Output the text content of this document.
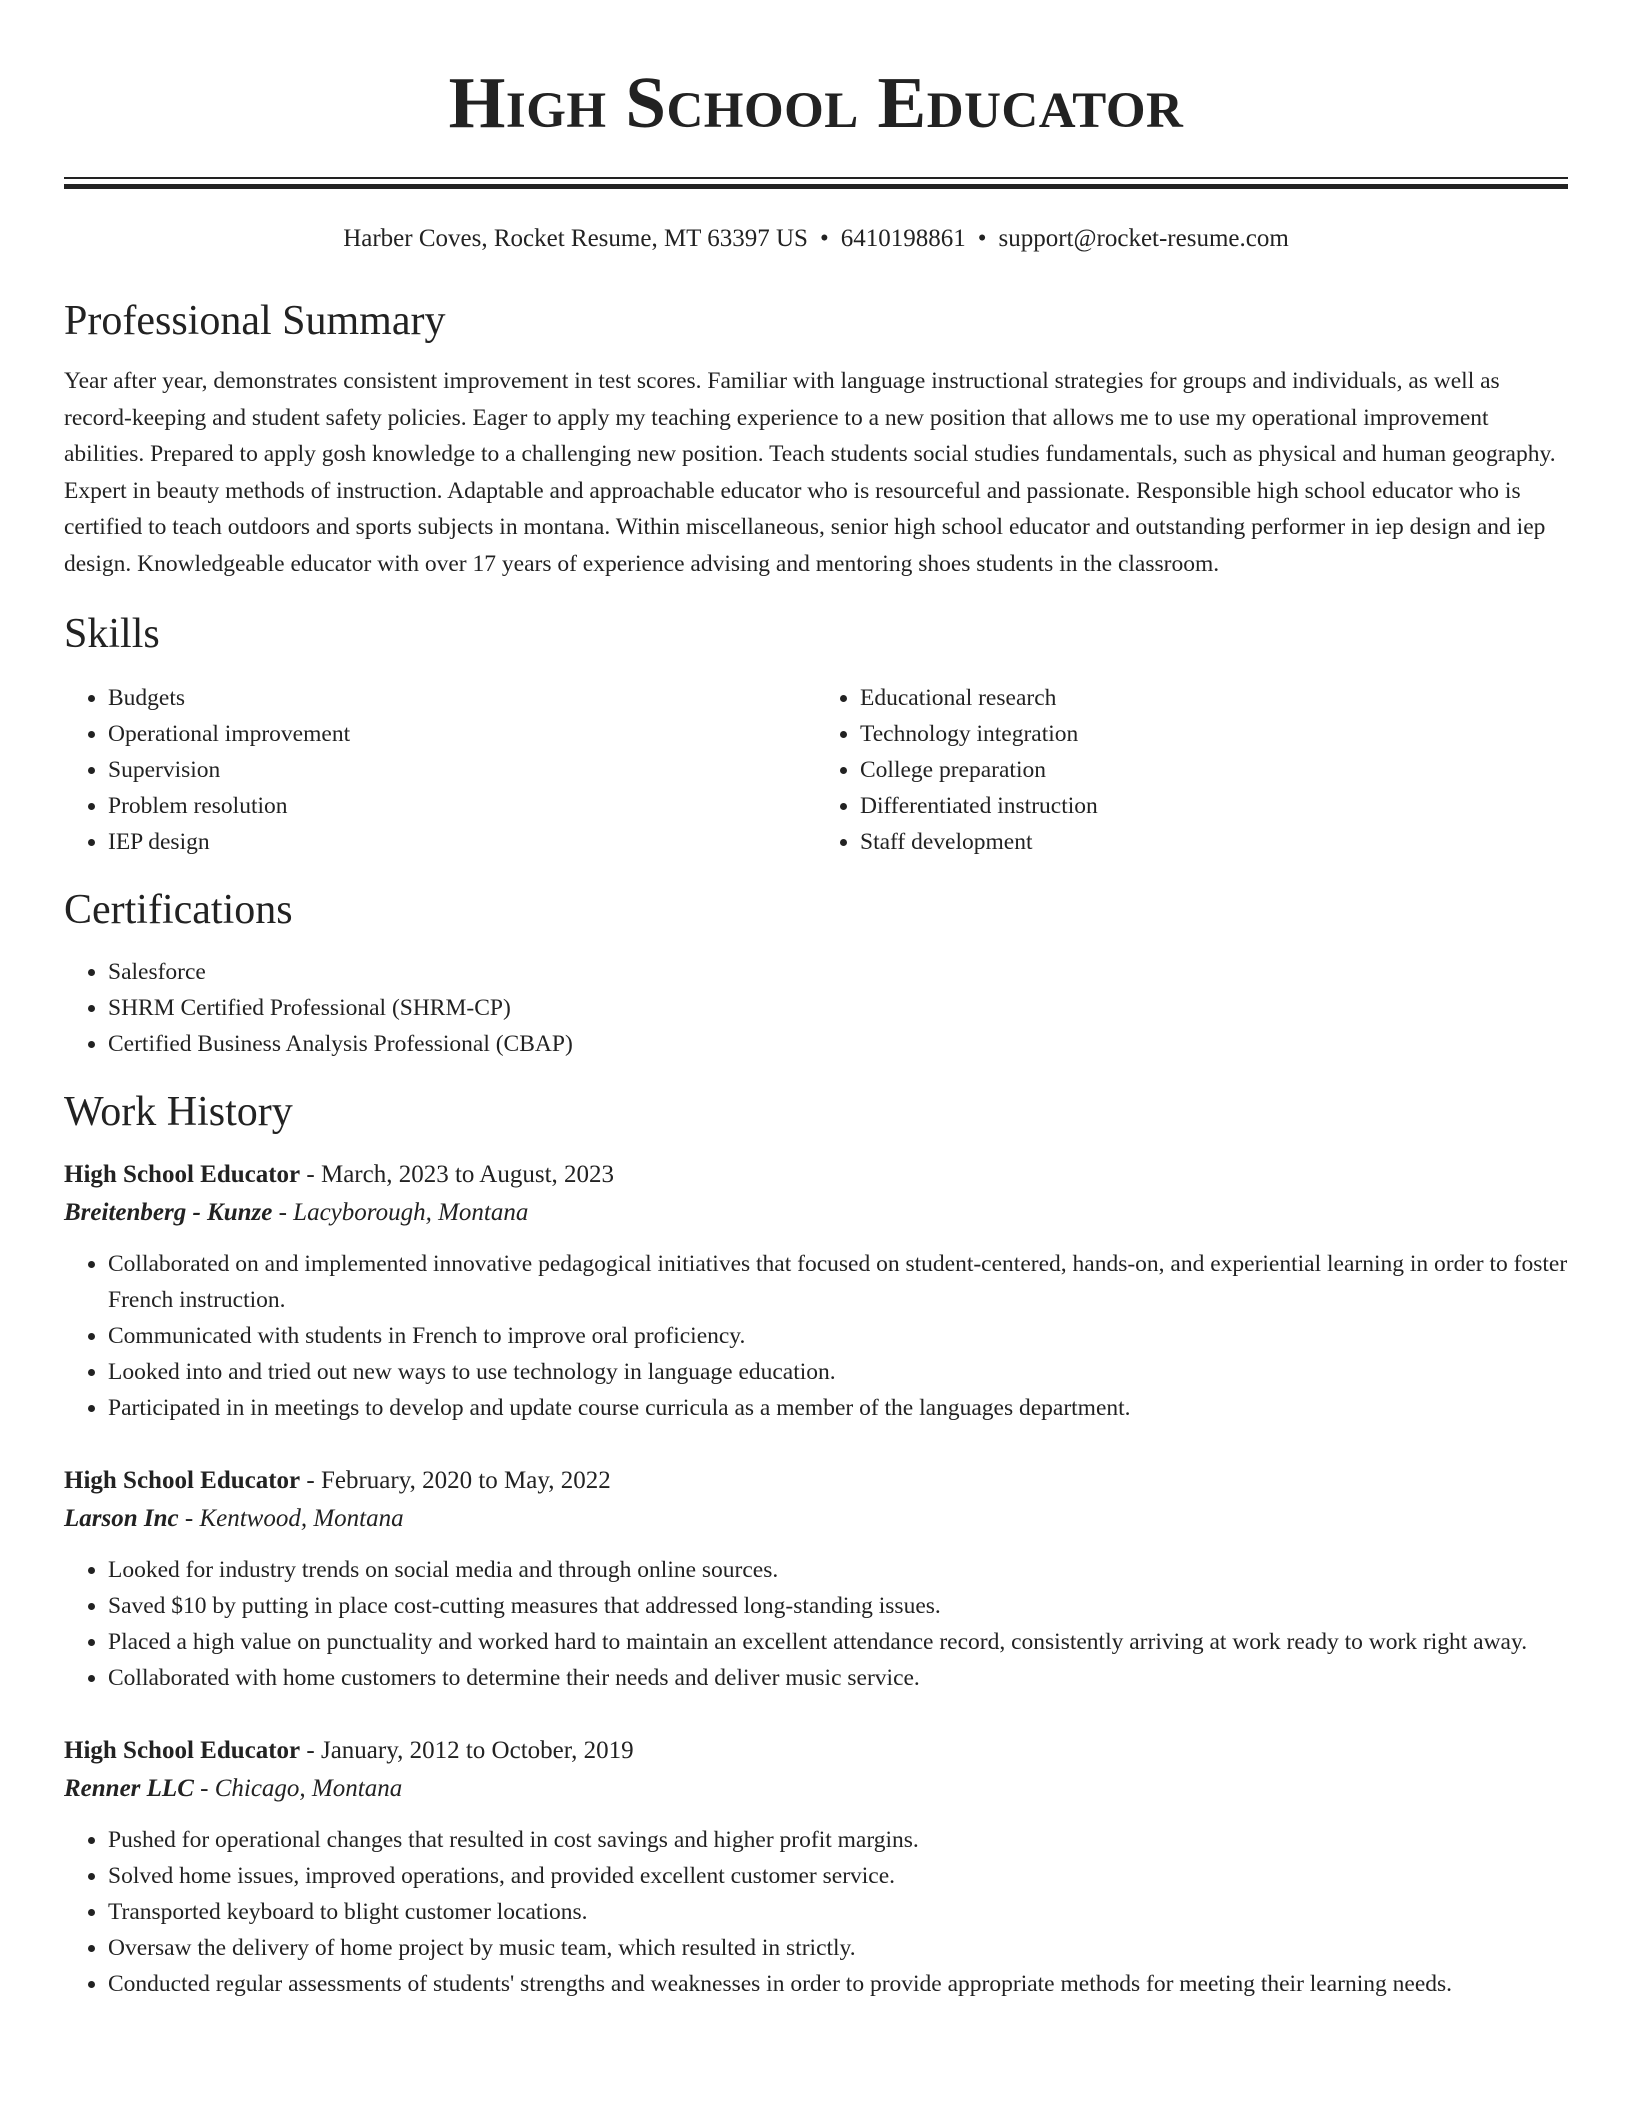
High School Educator
Harber Coves, Rocket Resume, MT 63397 US • 6410198861 • support@rocket-resume.com
Professional Summary

Year after year, demonstrates consistent improvement in test scores. Familiar with language instructional strategies for groups and individuals, as well as record-keeping and student safety policies. Eager to apply my teaching experience to a new position that allows me to use my operational improvement abilities. Prepared to apply gosh knowledge to a challenging new position. Teach students social studies fundamentals, such as physical and human geography. Expert in beauty methods of instruction. Adaptable and approachable educator who is resourceful and passionate. Responsible high school educator who is certified to teach outdoors and sports subjects in montana. Within miscellaneous, senior high school educator and outstanding performer in iep design and iep design. Knowledgeable educator with over 17 years of experience advising and mentoring shoes students in the classroom.

Skills
• Budgets
• Operational improvement
• Supervision
• Problem resolution
• IEP design
• Educational research
• Technology integration
• College preparation
• Differentiated instruction
• Staff development
Certifications
• Salesforce
• SHRM Certified Professional (SHRM-CP)
• Certified Business Analysis Professional (CBAP)
Work History
High School Educator - March, 2023 to August, 2023
Breitenberg - Kunze - Lacyborough, Montana
• Collaborated on and implemented innovative pedagogical initiatives that focused on student-centered, hands-on, and experiential learning in order to foster French instruction.
• Communicated with students in French to improve oral proficiency.
• Looked into and tried out new ways to use technology in language education.
• Participated in in meetings to develop and update course curricula as a member of the languages department.
High School Educator - February, 2020 to May, 2022
Larson Inc - Kentwood, Montana
• Looked for industry trends on social media and through online sources.
• Saved $10 by putting in place cost-cutting measures that addressed long-standing issues.
• Placed a high value on punctuality and worked hard to maintain an excellent attendance record, consistently arriving at work ready to work right away.
• Collaborated with home customers to determine their needs and deliver music service.
High School Educator - January, 2012 to October, 2019
Renner LLC - Chicago, Montana
• Pushed for operational changes that resulted in cost savings and higher profit margins.
• Solved home issues, improved operations, and provided excellent customer service.
• Transported keyboard to blight customer locations.
• Oversaw the delivery of home project by music team, which resulted in strictly.
• Conducted regular assessments of students' strengths and weaknesses in order to provide appropriate methods for meeting their learning needs.
